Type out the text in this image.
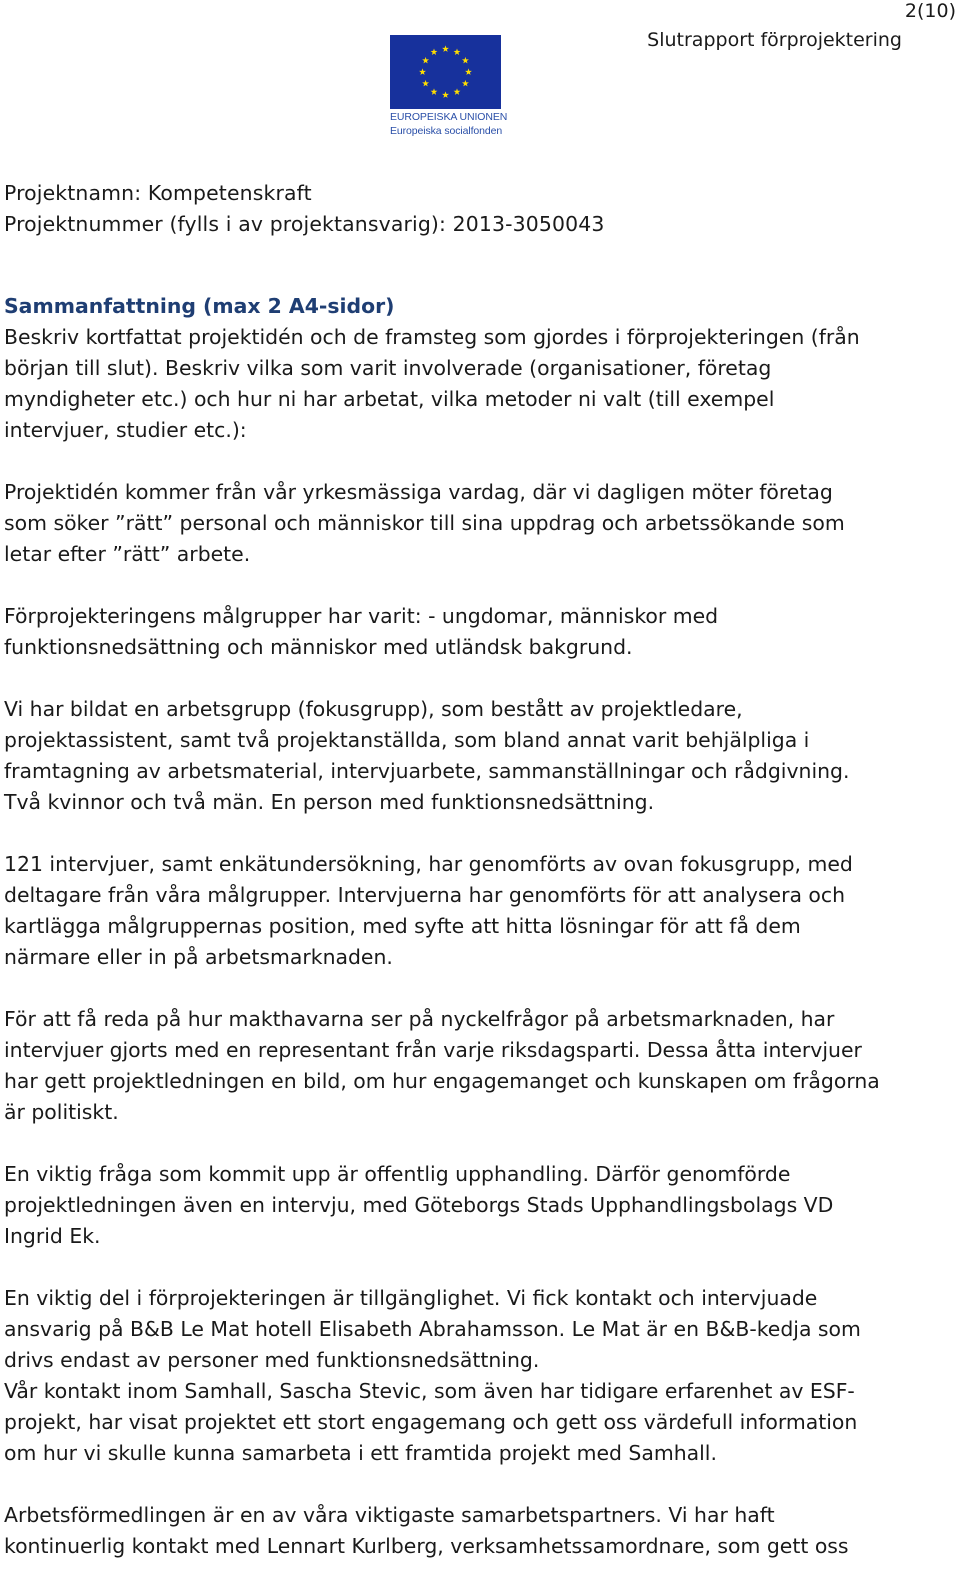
2(10)
Slutrapport förprojektering
EUROPEISKA UNIONEN
Europeiska socialfonden

Projektnamn: Kompetenskraft

Projektnummer (fylls i av projektansvarig): 2013-3050043

Sammanfattning (max 2 A4-sidor)

Beskriv kortfattat projektidén och de framsteg som gjordes i förprojekteringen (från

början till slut). Beskriv vilka som varit involverade (organisationer, företag

myndigheter etc.) och hur ni har arbetat, vilka metoder ni valt (till exempel

intervjuer, studier etc.):

Projektidén kommer från vår yrkesmässiga vardag, där vi dagligen möter företag

som söker ”rätt” personal och människor till sina uppdrag och arbetssökande som

letar efter ”rätt” arbete.

Förprojekteringens målgrupper har varit: - ungdomar, människor med

funktionsnedsättning och människor med utländsk bakgrund.

Vi har bildat en arbetsgrupp (fokusgrupp), som bestått av projektledare,

projektassistent, samt två projektanställda, som bland annat varit behjälpliga i

framtagning av arbetsmaterial, intervjuarbete, sammanställningar och rådgivning.

Två kvinnor och två män. En person med funktionsnedsättning.

121 intervjuer, samt enkätundersökning, har genomförts av ovan fokusgrupp, med

deltagare från våra målgrupper. Intervjuerna har genomförts för att analysera och

kartlägga målgruppernas position, med syfte att hitta lösningar för att få dem

närmare eller in på arbetsmarknaden.

För att få reda på hur makthavarna ser på nyckelfrågor på arbetsmarknaden, har

intervjuer gjorts med en representant från varje riksdagsparti. Dessa åtta intervjuer

har gett projektledningen en bild, om hur engagemanget och kunskapen om frågorna

är politiskt.

En viktig fråga som kommit upp är offentlig upphandling. Därför genomförde

projektledningen även en intervju, med Göteborgs Stads Upphandlingsbolags VD

Ingrid Ek.

En viktig del i förprojekteringen är tillgänglighet. Vi fick kontakt och intervjuade

ansvarig på B&B Le Mat hotell Elisabeth Abrahamsson. Le Mat är en B&B-kedja som

drivs endast av personer med funktionsnedsättning.

Vår kontakt inom Samhall, Sascha Stevic, som även har tidigare erfarenhet av ESF-

projekt, har visat projektet ett stort engagemang och gett oss värdefull information

om hur vi skulle kunna samarbeta i ett framtida projekt med Samhall.

Arbetsförmedlingen är en av våra viktigaste samarbetspartners. Vi har haft

kontinuerlig kontakt med Lennart Kurlberg, verksamhetssamordnare, som gett oss
